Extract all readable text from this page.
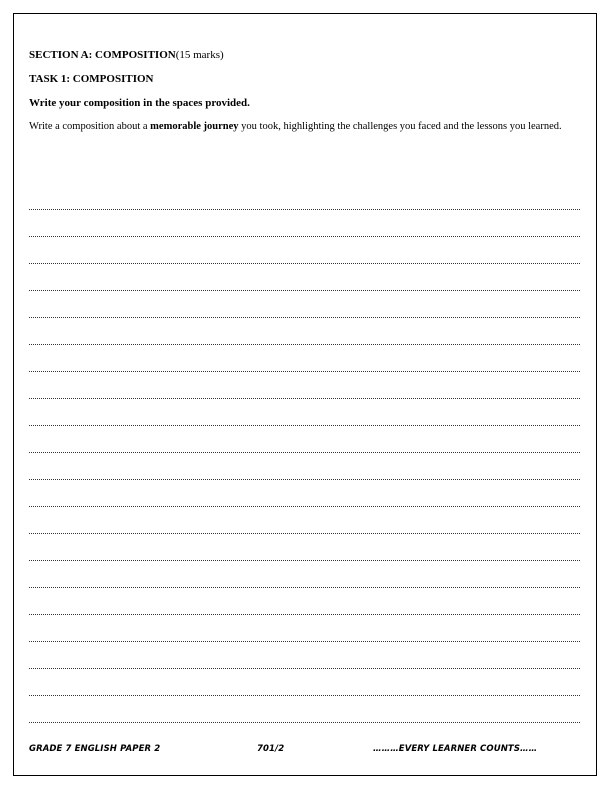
SECTION A: COMPOSITION(15 marks)

TASK 1: COMPOSITION

Write your composition in the spaces provided.

Write a composition about a memorable journey you took, highlighting the challenges you faced and the lessons you learned.

GRADE 7 ENGLISH PAPER 2	701/2	………EVERY LEARNER COUNTS……
